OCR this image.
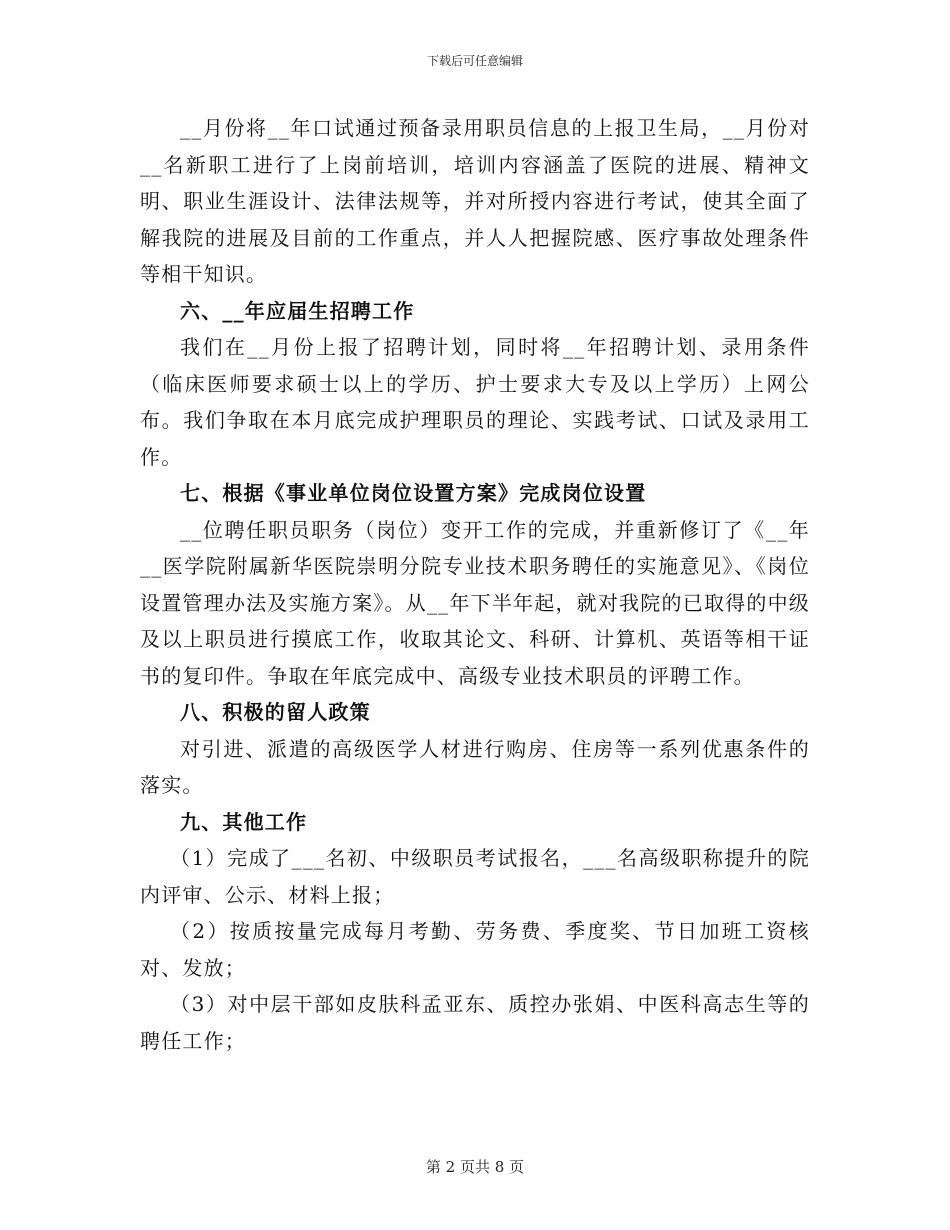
下载后可任意编辑

__月份将__年口试通过预备录用职员信息的上报卫生局，__月份对__名新职工进行了上岗前培训，培训内容涵盖了医院的进展、精神文明、职业生涯设计、法律法规等，并对所授内容进行考试，使其全面了解我院的进展及目前的工作重点，并人人把握院感、医疗事故处理条件等相干知识。

六、__年应届生招聘工作

我们在__月份上报了招聘计划，同时将__年招聘计划、录用条件（临床医师要求硕士以上的学历、护士要求大专及以上学历）上网公布。我们争取在本月底完成护理职员的理论、实践考试、口试及录用工作。

七、根据《事业单位岗位设置方案》完成岗位设置

__位聘任职员职务（岗位）变开工作的完成，并重新修订了《__年__医学院附属新华医院崇明分院专业技术职务聘任的实施意见》、《岗位设置管理办法及实施方案》。从__年下半年起，就对我院的已取得的中级及以上职员进行摸底工作，收取其论文、科研、计算机、英语等相干证书的复印件。争取在年底完成中、高级专业技术职员的评聘工作。

八、积极的留人政策

对引进、派遣的高级医学人材进行购房、住房等一系列优惠条件的落实。

九、其他工作

（1）完成了___名初、中级职员考试报名，___名高级职称提升的院内评审、公示、材料上报；

（2）按质按量完成每月考勤、劳务费、季度奖、节日加班工资核对、发放；

（3）对中层干部如皮肤科孟亚东、质控办张娟、中医科高志生等的聘任工作；

第 2 页共 8 页
